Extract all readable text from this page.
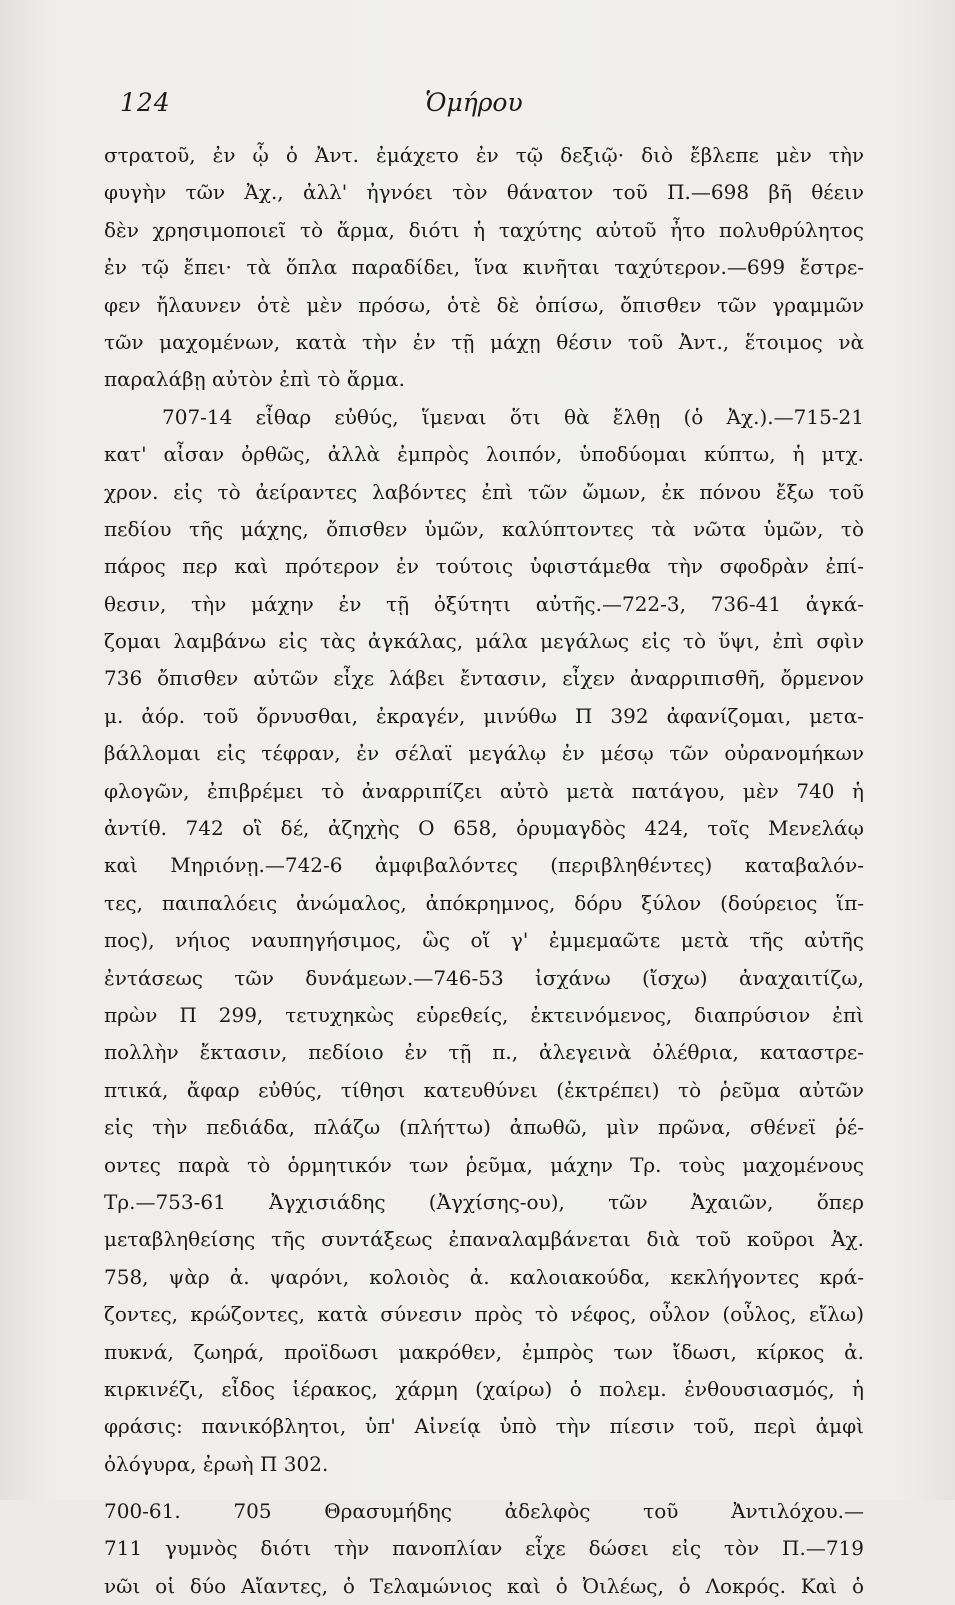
124	Ὁμήρου
στρατοῦ, ἐν ᾧ ὁ Ἀντ. ἐμάχετο ἐν τῷ δεξιῷ· διὸ ἔβλεπε μὲν τὴν
φυγὴν τῶν Ἀχ., ἀλλ' ἠγνόει τὸν θάνατον τοῦ Π.—698 βῆ θέειν
δὲν χρησιμοποιεῖ τὸ ἅρμα, διότι ἡ ταχύτης αὐτοῦ ἦτο πολυθρύλητος
ἐν τῷ ἔπει· τὰ ὅπλα παραδίδει, ἵνα κινῆται ταχύτερον.—699 ἔστρε-
φεν ἤλαυνεν ὁτὲ μὲν πρόσω, ὁτὲ δὲ ὀπίσω, ὄπισθεν τῶν γραμμῶν
τῶν μαχομένων, κατὰ τὴν ἐν τῇ μάχῃ θέσιν τοῦ Ἀντ., ἕτοιμος νὰ
παραλάβῃ αὐτὸν ἐπὶ τὸ ἅρμα.
707-14 εἶθαρ εὐθύς, ἵμεναι ὅτι θὰ ἔλθῃ (ὁ Ἀχ.).—715-21
κατ' αἶσαν ὀρθῶς, ἀλλὰ ἐμπρὸς λοιπόν, ὑποδύομαι κύπτω, ἡ μτχ.
χρον. εἰς τὸ ἀείραντες λαβόντες ἐπὶ τῶν ὤμων, ἐκ πόνου ἔξω τοῦ
πεδίου τῆς μάχης, ὄπισθεν ὑμῶν, καλύπτοντες τὰ νῶτα ὑμῶν, τὸ
πάρος περ καὶ πρότερον ἐν τούτοις ὑφιστάμεθα τὴν σφοδρὰν ἐπί-
θεσιν, τὴν μάχην ἐν τῇ ὀξύτητι αὐτῆς.—722-3, 736-41 ἀγκά-
ζομαι λαμβάνω εἰς τὰς ἀγκάλας, μάλα μεγάλως εἰς τὸ ὕψι, ἐπὶ σφὶν
736 ὄπισθεν αὐτῶν εἶχε λάβει ἔντασιν, εἶχεν ἀναρριπισθῆ, ὄρμενον
μ. ἀόρ. τοῦ ὄρνυσθαι, ἐκραγέν, μινύθω Π 392 ἀφανίζομαι, μετα-
βάλλομαι εἰς τέφραν, ἐν σέλαϊ μεγάλῳ ἐν μέσῳ τῶν οὐρανομήκων
φλογῶν, ἐπιβρέμει τὸ ἀναρριπίζει αὐτὸ μετὰ πατάγου, μὲν 740 ἡ
ἀντίθ. 742 οἳ δέ, ἀζηχὴς Ο 658, ὀρυμαγδὸς 424, τοῖς Μενελάῳ
καὶ Μηριόνῃ.—742-6 ἀμφιβαλόντες (περιβληθέντες) καταβαλόν-
τες, παιπαλόεις ἀνώμαλος, ἀπόκρημνος, δόρυ ξύλον (δούρειος ἵπ-
πος), νήιος ναυπηγήσιμος, ὣς οἵ γ' ἐμμεμαῶτε μετὰ τῆς αὐτῆς
ἐντάσεως τῶν δυνάμεων.—746-53 ἰσχάνω (ἴσχω) ἀναχαιτίζω,
πρὼν Π 299, τετυχηκὼς εὑρεθείς, ἐκτεινόμενος, διαπρύσιον ἐπὶ
πολλὴν ἔκτασιν, πεδίοιο ἐν τῇ π., ἀλεγεινὰ ὀλέθρια, καταστρε-
πτικά, ἄφαρ εὐθύς, τίθησι κατευθύνει (ἐκτρέπει) τὸ ῥεῦμα αὐτῶν
εἰς τὴν πεδιάδα, πλάζω (πλήττω) ἀπωθῶ, μὶν πρῶνα, σθένεϊ ῥέ-
οντες παρὰ τὸ ὁρμητικόν των ῥεῦμα, μάχην Τρ. τοὺς μαχομένους
Τρ.—753-61 Ἀγχισιάδης (Ἀγχίσης-ου), τῶν Ἀχαιῶν, ὅπερ
μεταβληθείσης τῆς συντάξεως ἐπαναλαμβάνεται διὰ τοῦ κοῦροι Ἀχ.
758, ψὰρ ἀ. ψαρόνι, κολοιὸς ἀ. καλοιακούδα, κεκλήγοντες κρά-
ζοντες, κρώζοντες, κατὰ σύνεσιν πρὸς τὸ νέφος, οὖλον (οὖλος, εἴλω)
πυκνά, ζωηρά, προϊδωσι μακρόθεν, ἐμπρὸς των ἴδωσι, κίρκος ἀ.
κιρκινέζι, εἶδος ἱέρακος, χάρμη (χαίρω) ὁ πολεμ. ἐνθουσιασμός, ἡ
φράσις: πανικόβλητοι, ὑπ' Αἰνείᾳ ὑπὸ τὴν πίεσιν τοῦ, περὶ ἀμφὶ
ὀλόγυρα, ἐρωὴ Π 302.
700-61. 705 Θρασυμήδης ἀδελφὸς τοῦ Ἀντιλόχου.—
711 γυμνὸς διότι τὴν πανοπλίαν εἶχε δώσει εἰς τὸν Π.—719
νῶι οἱ δύο Αἴαντες, ὁ Τελαμώνιος καὶ ὁ Ὀιλέως, ὁ Λοκρός. Καὶ ὁ
